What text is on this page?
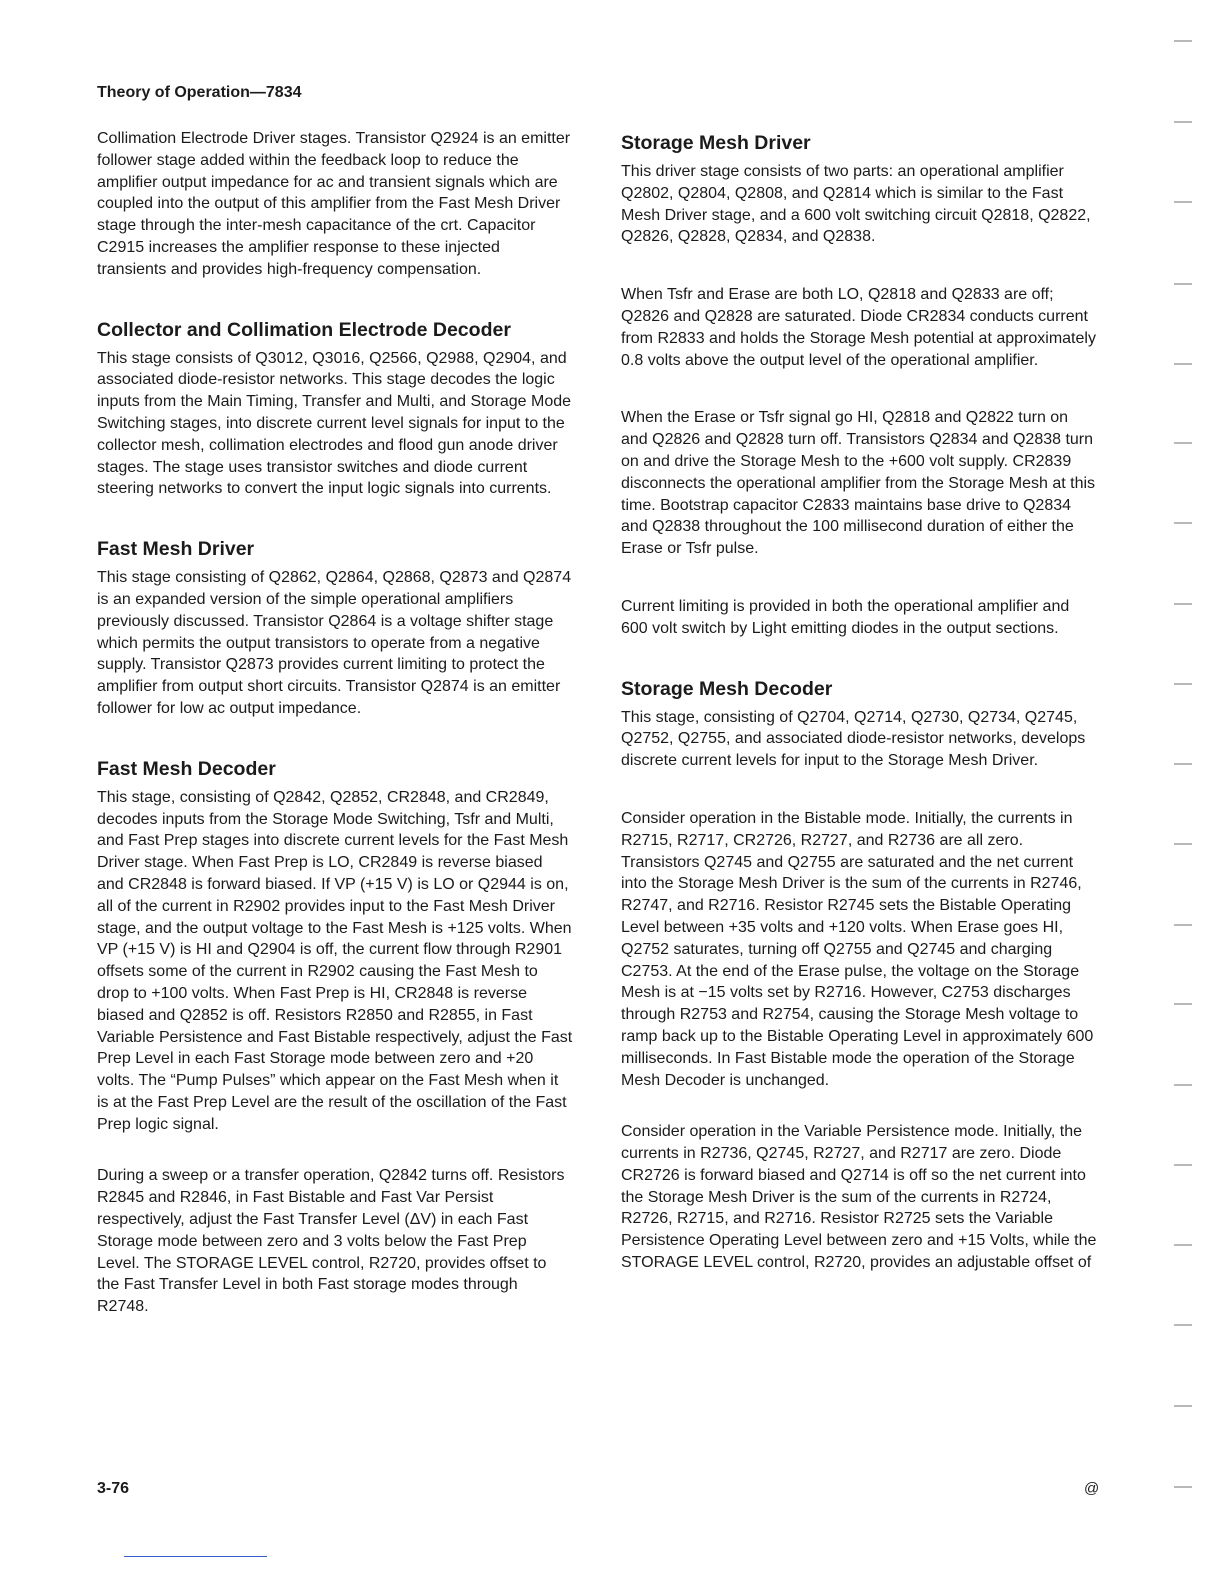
Theory of Operation—7834

Collimation Electrode Driver stages. Transistor Q2924 is an emitter follower stage added within the feedback loop to reduce the amplifier output impedance for ac and transient signals which are coupled into the output of this amplifier from the Fast Mesh Driver stage through the inter-mesh capacitance of the crt. Capacitor C2915 increases the amplifier response to these injected transients and provides high-frequency compensation.

Collector and Collimation Electrode Decoder

This stage consists of Q3012, Q3016, Q2566, Q2988, Q2904, and associated diode-resistor networks. This stage decodes the logic inputs from the Main Timing, Transfer and Multi, and Storage Mode Switching stages, into discrete current level signals for input to the collector mesh, collimation electrodes and flood gun anode driver stages. The stage uses transistor switches and diode current steering networks to convert the input logic signals into currents.

Fast Mesh Driver

This stage consisting of Q2862, Q2864, Q2868, Q2873 and Q2874 is an expanded version of the simple operational amplifiers previously discussed. Transistor Q2864 is a voltage shifter stage which permits the output transistors to operate from a negative supply. Transistor Q2873 provides current limiting to protect the amplifier from output short circuits. Transistor Q2874 is an emitter follower for low ac output impedance.

Fast Mesh Decoder

This stage, consisting of Q2842, Q2852, CR2848, and CR2849, decodes inputs from the Storage Mode Switching, Tsfr and Multi, and Fast Prep stages into discrete current levels for the Fast Mesh Driver stage. When Fast Prep is LO, CR2849 is reverse biased and CR2848 is forward biased. If VP (+15 V) is LO or Q2944 is on, all of the current in R2902 provides input to the Fast Mesh Driver stage, and the output voltage to the Fast Mesh is +125 volts. When VP (+15 V) is HI and Q2904 is off, the current flow through R2901 offsets some of the current in R2902 causing the Fast Mesh to drop to +100 volts. When Fast Prep is HI, CR2848 is reverse biased and Q2852 is off. Resistors R2850 and R2855, in Fast Variable Persistence and Fast Bistable respectively, adjust the Fast Prep Level in each Fast Storage mode between zero and +20 volts. The “Pump Pulses” which appear on the Fast Mesh when it is at the Fast Prep Level are the result of the oscillation of the Fast Prep logic signal.

During a sweep or a transfer operation, Q2842 turns off. Resistors R2845 and R2846, in Fast Bistable and Fast Var Persist respectively, adjust the Fast Transfer Level (ΔV) in each Fast Storage mode between zero and 3 volts below the Fast Prep Level. The STORAGE LEVEL control, R2720, provides offset to the Fast Transfer Level in both Fast storage modes through R2748.

Storage Mesh Driver

This driver stage consists of two parts: an operational amplifier Q2802, Q2804, Q2808, and Q2814 which is similar to the Fast Mesh Driver stage, and a 600 volt switching circuit Q2818, Q2822, Q2826, Q2828, Q2834, and Q2838.

When Tsfr and Erase are both LO, Q2818 and Q2833 are off; Q2826 and Q2828 are saturated. Diode CR2834 conducts current from R2833 and holds the Storage Mesh potential at approximately 0.8 volts above the output level of the operational amplifier.

When the Erase or Tsfr signal go HI, Q2818 and Q2822 turn on and Q2826 and Q2828 turn off. Transistors Q2834 and Q2838 turn on and drive the Storage Mesh to the +600 volt supply. CR2839 disconnects the operational amplifier from the Storage Mesh at this time. Bootstrap capacitor C2833 maintains base drive to Q2834 and Q2838 throughout the 100 millisecond duration of either the Erase or Tsfr pulse.

Current limiting is provided in both the operational amplifier and 600 volt switch by Light emitting diodes in the output sections.

Storage Mesh Decoder

This stage, consisting of Q2704, Q2714, Q2730, Q2734, Q2745, Q2752, Q2755, and associated diode-resistor networks, develops discrete current levels for input to the Storage Mesh Driver.

Consider operation in the Bistable mode. Initially, the currents in R2715, R2717, CR2726, R2727, and R2736 are all zero. Transistors Q2745 and Q2755 are saturated and the net current into the Storage Mesh Driver is the sum of the currents in R2746, R2747, and R2716. Resistor R2745 sets the Bistable Operating Level between +35 volts and +120 volts. When Erase goes HI, Q2752 saturates, turning off Q2755 and Q2745 and charging C2753. At the end of the Erase pulse, the voltage on the Storage Mesh is at −15 volts set by R2716. However, C2753 discharges through R2753 and R2754, causing the Storage Mesh voltage to ramp back up to the Bistable Operating Level in approximately 600 milliseconds. In Fast Bistable mode the operation of the Storage Mesh Decoder is unchanged.

Consider operation in the Variable Persistence mode. Initially, the currents in R2736, Q2745, R2727, and R2717 are zero. Diode CR2726 is forward biased and Q2714 is off so the net current into the Storage Mesh Driver is the sum of the currents in R2724, R2726, R2715, and R2716. Resistor R2725 sets the Variable Persistence Operating Level between zero and +15 Volts, while the STORAGE LEVEL control, R2720, provides an adjustable offset of

3-76	@
